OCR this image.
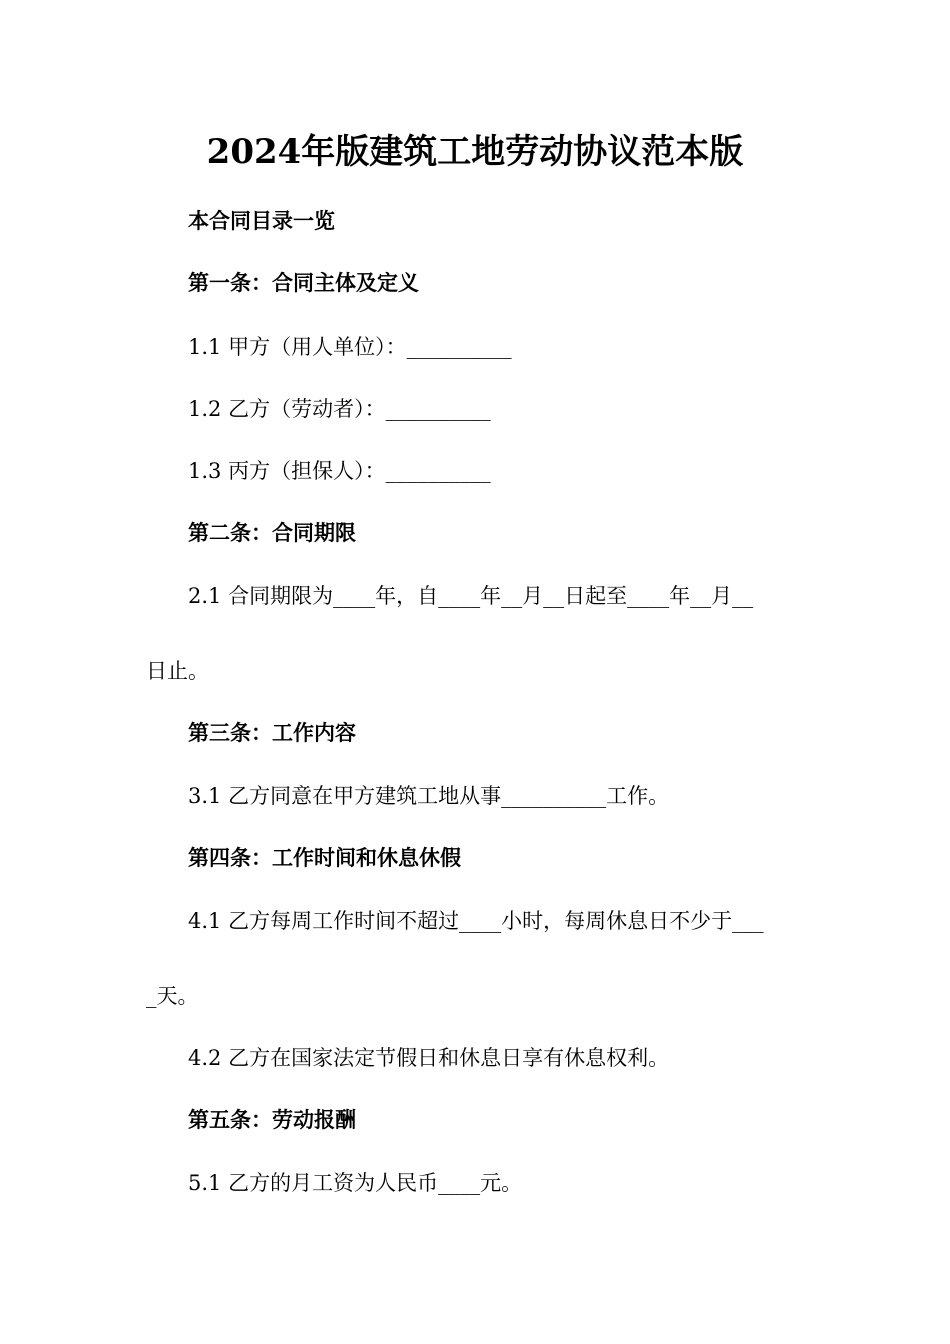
2024年版建筑工地劳动协议范本版
本合同目录一览
第一条：合同主体及定义
1.1 甲方（用人单位）：__________
1.2 乙方（劳动者）：__________
1.3 丙方（担保人）：__________
第二条：合同期限
2.1 合同期限为____年，自____年__月__日起至____年__月__
日止。
第三条：工作内容
3.1 乙方同意在甲方建筑工地从事__________工作。
第四条：工作时间和休息休假
4.1 乙方每周工作时间不超过____小时，每周休息日不少于___
_天。
4.2 乙方在国家法定节假日和休息日享有休息权利。
第五条：劳动报酬
5.1 乙方的月工资为人民币____元。
